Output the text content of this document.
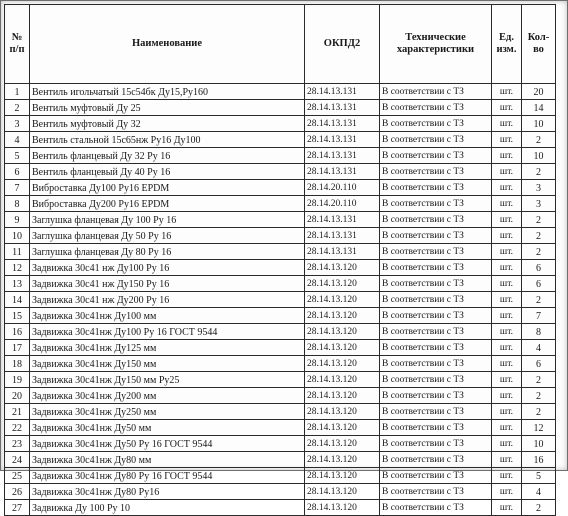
№ п/п	Наименование	ОКПД2	Технические характеристики	Ед. изм.	Кол-во
1	Вентиль игольчатый 15с54бк Ду15,Ру160	28.14.13.131	В соответствии с ТЗ	шт.	20
2	Вентиль муфтовый Ду 25	28.14.13.131	В соответствии с ТЗ	шт.	14
3	Вентиль муфтовый Ду 32	28.14.13.131	В соответствии с ТЗ	шт.	10
4	Вентиль стальной 15с65нж Ру16 Ду100	28.14.13.131	В соответствии с ТЗ	шт.	2
5	Вентиль фланцевый Ду 32 Ру 16	28.14.13.131	В соответствии с ТЗ	шт.	10
6	Вентиль фланцевый Ду 40 Ру 16	28.14.13.131	В соответствии с ТЗ	шт.	2
7	Виброставка Ду100 Ру16 EPDM	28.14.20.110	В соответствии с ТЗ	шт.	3
8	Виброставка Ду200 Ру16 EPDM	28.14.20.110	В соответствии с ТЗ	шт.	3
9	Заглушка фланцевая Ду 100 Ру 16	28.14.13.131	В соответствии с ТЗ	шт.	2
10	Заглушка фланцевая Ду 50 Ру 16	28.14.13.131	В соответствии с ТЗ	шт.	2
11	Заглушка фланцевая Ду 80 Ру 16	28.14.13.131	В соответствии с ТЗ	шт.	2
12	Задвижка 30с41 нж Ду100 Ру 16	28.14.13.120	В соответствии с ТЗ	шт.	6
13	Задвижка 30с41 нж Ду150 Ру 16	28.14.13.120	В соответствии с ТЗ	шт.	6
14	Задвижка 30с41 нж Ду200 Ру 16	28.14.13.120	В соответствии с ТЗ	шт.	2
15	Задвижка 30с41нж Ду100 мм	28.14.13.120	В соответствии с ТЗ	шт.	7
16	Задвижка 30с41нж Ду100 Ру 16 ГОСТ 9544	28.14.13.120	В соответствии с ТЗ	шт.	8
17	Задвижка 30с41нж Ду125 мм	28.14.13.120	В соответствии с ТЗ	шт.	4
18	Задвижка 30с41нж Ду150 мм	28.14.13.120	В соответствии с ТЗ	шт.	6
19	Задвижка 30с41нж Ду150 мм Ру25	28.14.13.120	В соответствии с ТЗ	шт.	2
20	Задвижка 30с41нж Ду200 мм	28.14.13.120	В соответствии с ТЗ	шт.	2
21	Задвижка 30с41нж Ду250 мм	28.14.13.120	В соответствии с ТЗ	шт.	2
22	Задвижка 30с41нж Ду50 мм	28.14.13.120	В соответствии с ТЗ	шт.	12
23	Задвижка 30с41нж Ду50 Ру 16 ГОСТ 9544	28.14.13.120	В соответствии с ТЗ	шт.	10
24	Задвижка 30с41нж Ду80 мм	28.14.13.120	В соответствии с ТЗ	шт.	16
25	Задвижка 30с41нж Ду80 Ру 16 ГОСТ 9544	28.14.13.120	В соответствии с ТЗ	шт.	5
26	Задвижка 30с41нж Ду80 Ру16	28.14.13.120	В соответствии с ТЗ	шт.	4
27	Задвижка Ду 100 Ру 10	28.14.13.120	В соответствии с ТЗ	шт.	2
